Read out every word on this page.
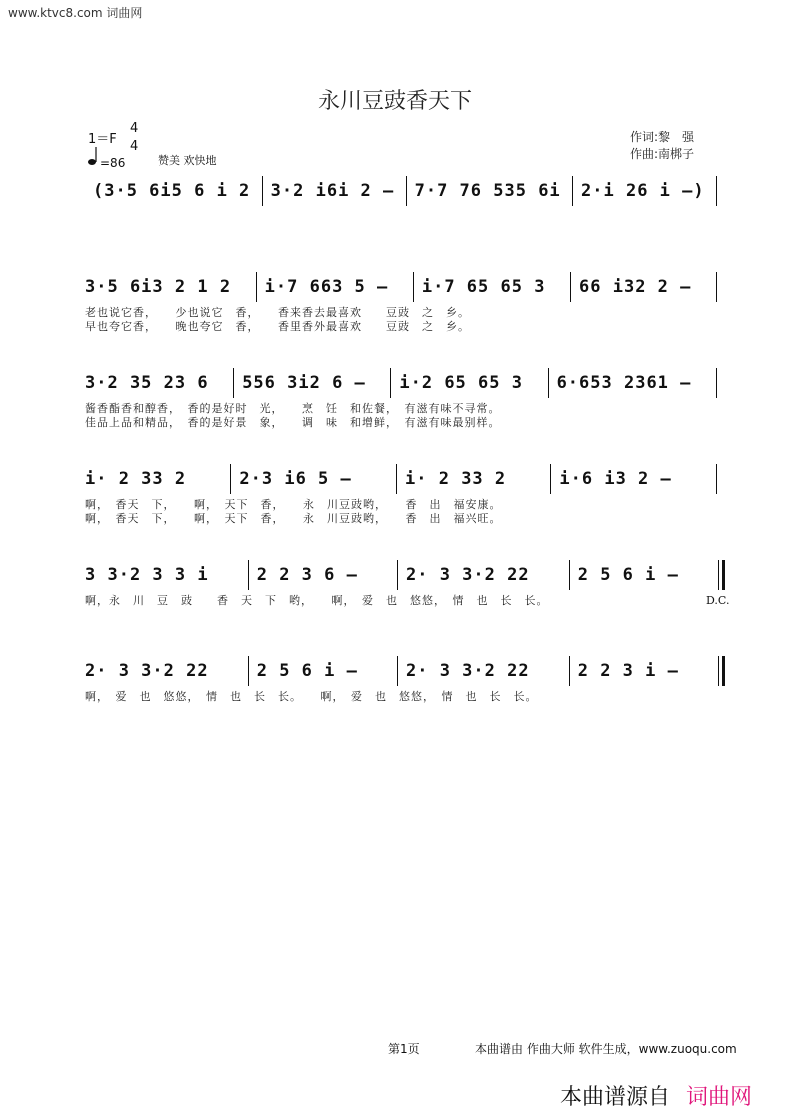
www.ktvc8.com 词曲网
永川豆豉香天下
作词:黎　强
作曲:南梆子
1＝F
4
4
=86	赞美 欢快地
(3·5 6i5 6 i 2 3·2 i6i 2 – 7·7 76 535 6i 2·i 26 i –)
3·5 6i3 2 1 2	i·7 663 5 –	i·7 65 65 3	66 i32 2 –
老也说它香，　　少也说它　香，　　香来香去最喜欢　　豆豉　之　乡。
早也夸它香，　　晚也夸它　香，　　香里香外最喜欢　　豆豉　之　乡。
3·2 35 23 6	556 3i2 6 –	i·2 65 65 3	6·653 2361 –
酱香酯香和醇香，　香的是好时　光，　　烹　饪　和佐餐，　有滋有味不寻常。
佳品上品和精品，　香的是好景　象，　　调　味　和增鲜，　有滋有味最别样。
i· 2 33 2	2·3 i6 5 –	i· 2 33 2	i·6 i3 2 –
啊，　香天　下，　　啊，　天下　香，　　永　川豆豉哟，　　香　出　福安康。
啊，　香天　下，　　啊，　天下　香，　　永　川豆豉哟，　　香　出　福兴旺。
3 3·2 3 3 i	2 2 3 6 –	2· 3 3·2 22	2 5 6 i –
啊，永　川　豆　豉　　香　天　下　哟，　　啊，　爱　也　悠悠，　情　也　长　长。	D.C.
2· 3 3·2 22	2 5 6 i –	2· 3 3·2 22	2 2 3 i –
啊，　爱　也　悠悠，　情　也　长　长。　　啊，　爱　也　悠悠，　情　也　长　长。
第1页	本曲谱由 作曲大师 软件生成，www.zuoqu.com
本曲谱源自 词曲网
